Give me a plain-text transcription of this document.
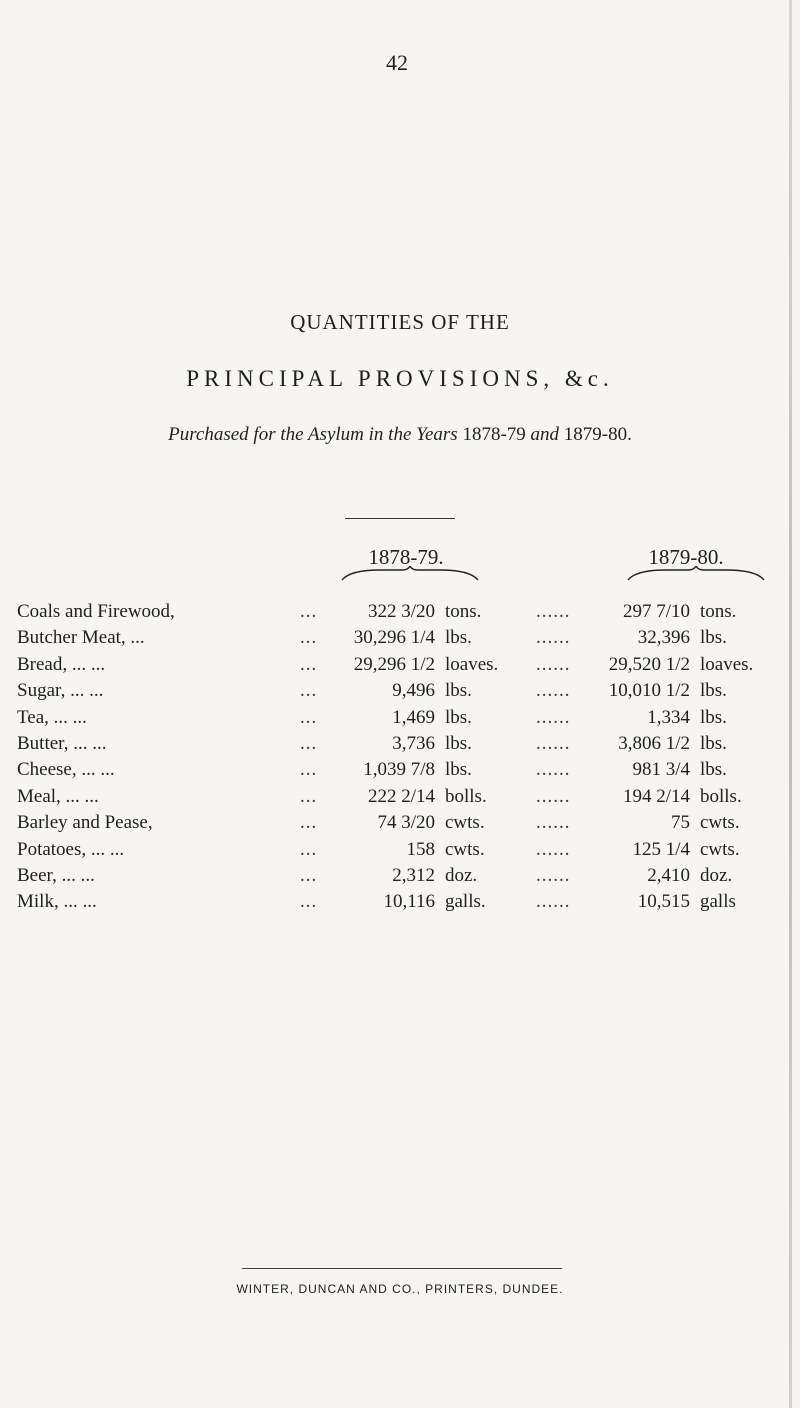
42
QUANTITIES OF THE
PRINCIPAL PROVISIONS, &c.
Purchased for the Asylum in the Years 1878-79 and 1879-80.
1878-79.	1879-80.
Coals and Firewood,	...	322 3/20 tons.	......	297 7/10 tons.
Butcher Meat, ...	... 30,296 1/4 lbs.	......	32,396 lbs.
Bread, ... ...	... 29,296 1/2 loaves. ...... 29,520 1/2 loaves.
Sugar, ... ...	...	9,496 lbs.	...... 10,010 1/2 lbs.
Tea, ... ...	...	1,469 lbs.	......	1,334 lbs.
Butter, ... ...	...	3,736 lbs.	......	3,806 1/2 lbs.
Cheese, ... ...	...	1,039 7/8 lbs.	......	981 3/4 lbs.
Meal, ... ...	...	222 2/14 bolls.	......	194 2/14 bolls.
Barley and Pease,	...	74 3/20 cwts.	......	75 cwts.
Potatoes, ... ...	...	158 cwts.	......	125 1/4 cwts.
Beer, ... ...	...	2,312 doz.	......	2,410 doz.
Milk, ... ...	...	10,116 galls.	......	10,515 galls
WINTER, DUNCAN AND CO., PRINTERS, DUNDEE.
